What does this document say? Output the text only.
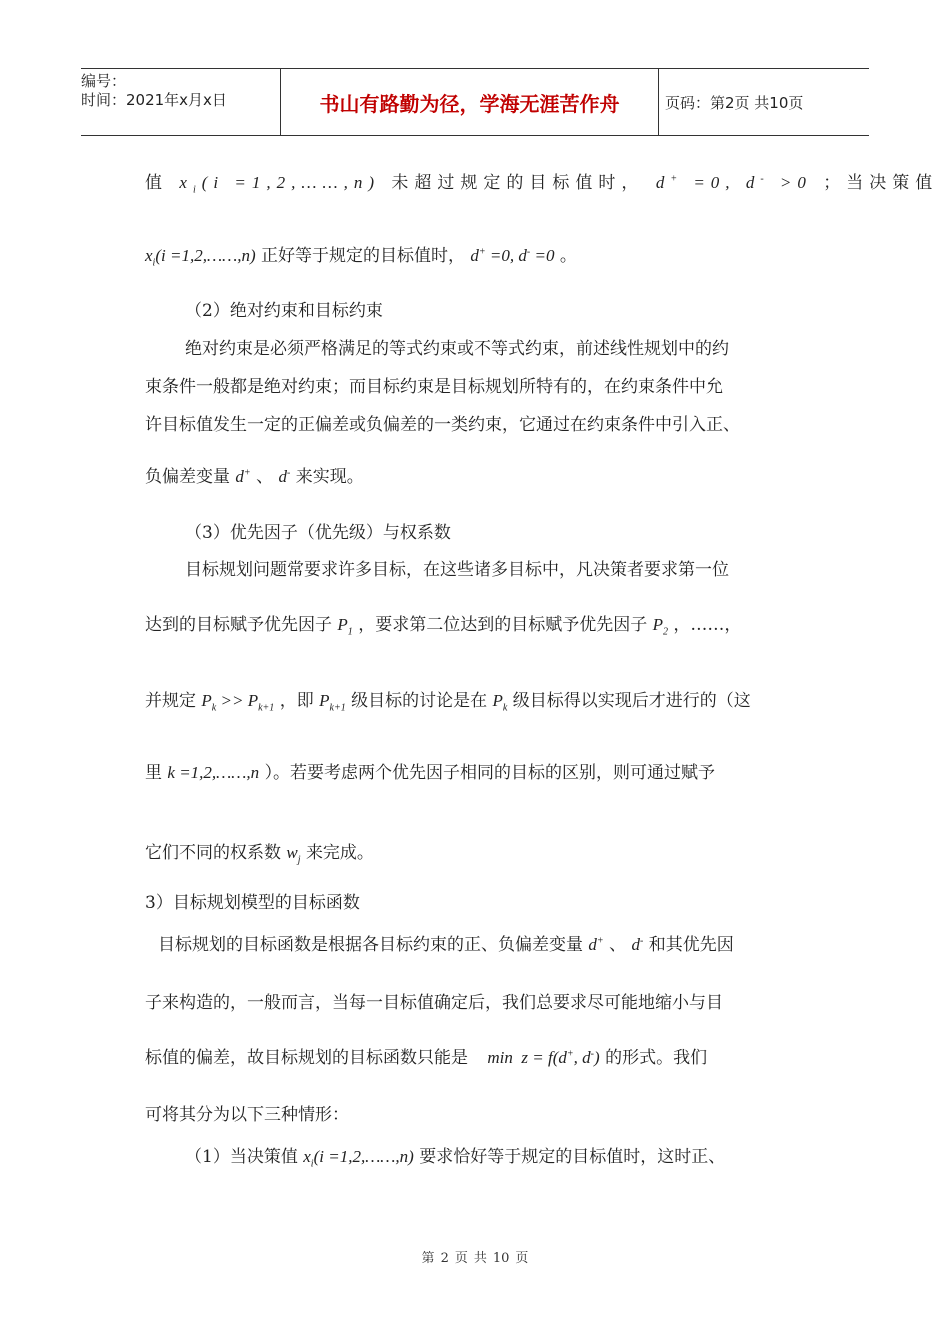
编号：
时间：2021年x月x日	书山有路勤为径，学海无涯苦作舟	页码：第2页 共10页
值 $x_i(i$ =1,2,……,n) 未超过规定的目标值时， d+ =0, d- >0 ；当决策值
$x_i(i$ =1,2,……,n) 正好等于规定的目标值时， d+ =0, d- =0 。
（2）绝对约束和目标约束
绝对约束是必须严格满足的等式约束或不等式约束，前述线性规划中的约
束条件一般都是绝对约束；而目标约束是目标规划所特有的，在约束条件中允
许目标值发生一定的正偏差或负偏差的一类约束，它通过在约束条件中引入正、
负偏差变量 d+ 、 d- 来实现。
（3）优先因子（优先级）与权系数
目标规划问题常要求许多目标，在这些诸多目标中，凡决策者要求第一位
达到的目标赋予优先因子 $P_1$ ，要求第二位达到的目标赋予优先因子 $P_2$ ，……，
并规定 $P_k >> P_{k+1}$ ，即 $P_{k+1}$ 级目标的讨论是在 $P_k$ 级目标得以实现后才进行的（这
里 k =1,2,……,n ）。若要考虑两个优先因子相同的目标的区别，则可通过赋予
它们不同的权系数 $w_j$ 来完成。
3）目标规划模型的目标函数
目标规划的目标函数是根据各目标约束的正、负偏差变量 d+ 、 d- 和其优先因
子来构造的，一般而言，当每一目标值确定后，我们总要求尽可能地缩小与目
标值的偏差，故目标规划的目标函数只能是 min  z = f(d+, d-) 的形式。我们
可将其分为以下三种情形：
（1）当决策值 $x_i(i$ =1,2,……,n) 要求恰好等于规定的目标值时，这时正、
第 2 页 共 10 页
